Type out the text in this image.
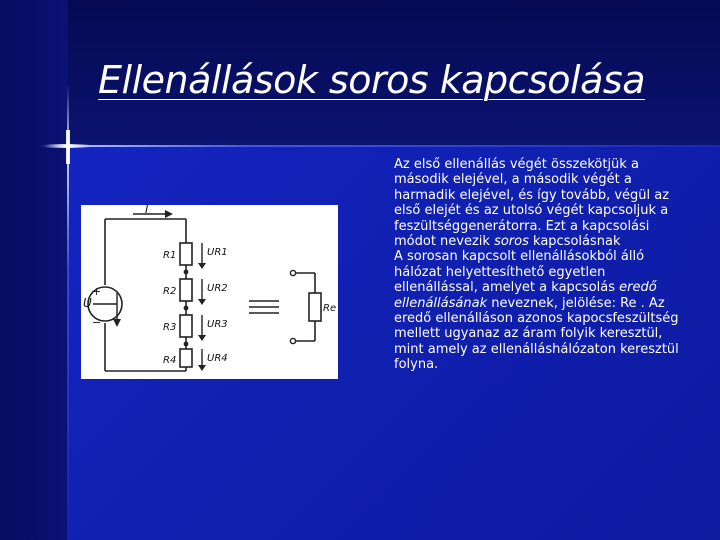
Ellenállások soros kapcsolása
I
U
+
−
R1
R2
R3
R4
UR1
UR2
UR3
UR4
Re

Az első ellenállás végét összekötjük a második elejével, a második végét a harmadik elejével, és így tovább, végül az első elejét és az utolsó végét kapcsoljuk a feszültséggenerátorra. Ezt a kapcsolási módot nevezik soros kapcsolásnak

A sorosan kapcsolt ellenállásokból álló hálózat helyettesíthető egyetlen ellenállással, amelyet a kapcsolás eredő ellenállásának neveznek, jelölése: Re . Az eredő ellenálláson azonos kapocsfeszültség mellett ugyanaz az áram folyik keresztül, mint amely az ellenálláshálózaton keresztül folyna.
